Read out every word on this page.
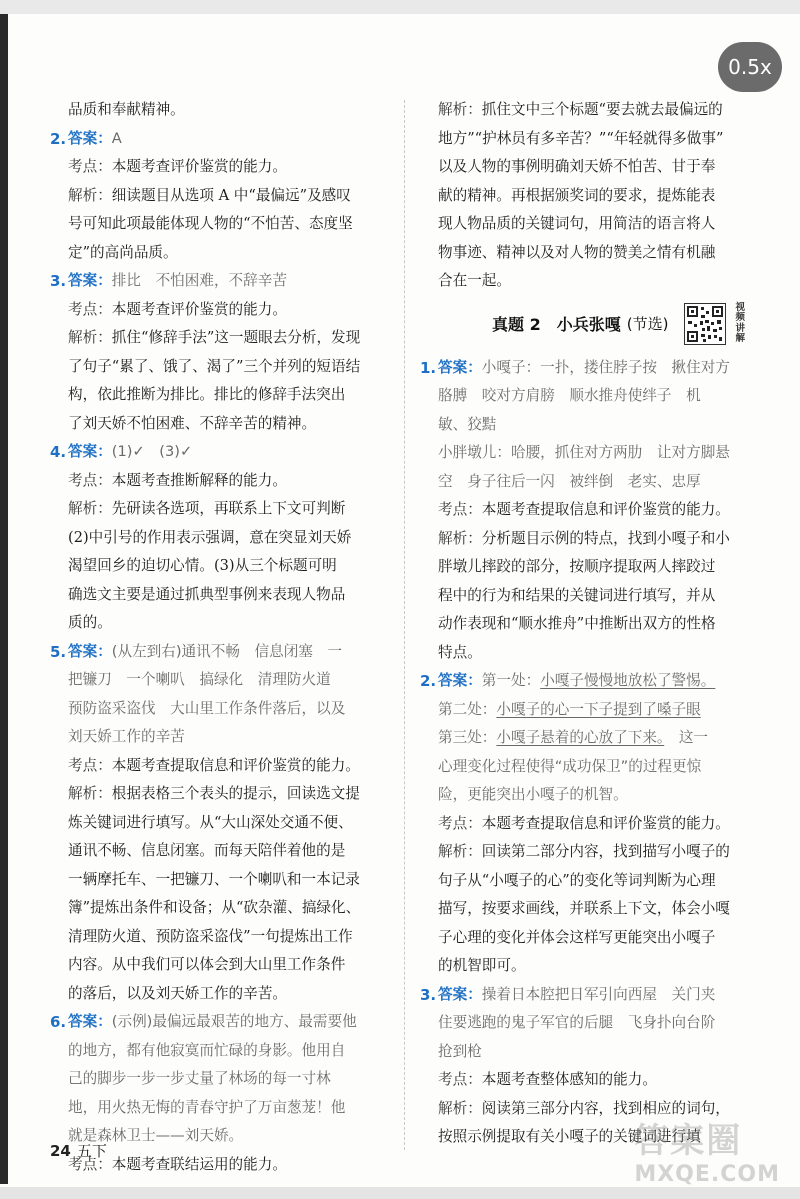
0.5x
品质和奉献精神。
2. 答案：A
考点：本题考查评价鉴赏的能力。
解析：细读题目从选项 A 中“最偏远”及感叹
号可知此项最能体现人物的“不怕苦、态度坚
定”的高尚品质。
3. 答案：排比　不怕困难，不辞辛苦
考点：本题考查评价鉴赏的能力。
解析：抓住“修辞手法”这一题眼去分析，发现
了句子“累了、饿了、渴了”三个并列的短语结
构，依此推断为排比。排比的修辞手法突出
了刘天娇不怕困难、不辞辛苦的精神。
4. 答案：(1)✓　(3)✓
考点：本题考查推断解释的能力。
解析：先研读各选项，再联系上下文可判断
(2)中引号的作用表示强调，意在突显刘天娇
渴望回乡的迫切心情。(3)从三个标题可明
确选文主要是通过抓典型事例来表现人物品
质的。
5. 答案：(从左到右)通讯不畅　信息闭塞　一
把镰刀　一个喇叭　搞绿化　清理防火道
预防盗采盗伐　大山里工作条件落后，以及
刘天娇工作的辛苦
考点：本题考查提取信息和评价鉴赏的能力。
解析：根据表格三个表头的提示，回读选文提
炼关键词进行填写。从“大山深处交通不便、
通讯不畅、信息闭塞。而每天陪伴着他的是
一辆摩托车、一把镰刀、一个喇叭和一本记录
簿”提炼出条件和设备；从“砍杂灌、搞绿化、
清理防火道、预防盗采盗伐”一句提炼出工作
内容。从中我们可以体会到大山里工作条件
的落后，以及刘天娇工作的辛苦。
6. 答案：(示例)最偏远最艰苦的地方、最需要他
的地方，都有他寂寞而忙碌的身影。他用自
己的脚步一步一步丈量了林场的每一寸林
地，用火热无悔的青春守护了万亩葱茏！他
就是森林卫士——刘天娇。
考点：本题考查联结运用的能力。
解析：抓住文中三个标题“要去就去最偏远的
地方”“护林员有多辛苦？”“年轻就得多做事”
以及人物的事例明确刘天娇不怕苦、甘于奉
献的精神。再根据颁奖词的要求，提炼能表
现人物品质的关键词句，用简洁的语言将人
物事迹、精神以及对人物的赞美之情有机融
合在一起。
真题 2　小兵张嘎 (节选)
视频讲解
1. 答案：小嘎子：一扑，搂住脖子按　揪住对方
胳膊　咬对方肩膀　顺水推舟使绊子　机
敏、狡黠
小胖墩儿：哈腰，抓住对方两肋　让对方脚悬
空　身子往后一闪　被绊倒　老实、忠厚
考点：本题考查提取信息和评价鉴赏的能力。
解析：分析题目示例的特点，找到小嘎子和小
胖墩儿摔跤的部分，按顺序提取两人摔跤过
程中的行为和结果的关键词进行填写，并从
动作表现和“顺水推舟”中推断出双方的性格
特点。
2. 答案：第一处：小嘎子慢慢地放松了警惕。
第二处：小嘎子的心一下子提到了嗓子眼
第三处：小嘎子悬着的心放了下来。　这一
心理变化过程使得“成功保卫”的过程更惊
险，更能突出小嘎子的机智。
考点：本题考查提取信息和评价鉴赏的能力。
解析：回读第二部分内容，找到描写小嘎子的
句子从“小嘎子的心”的变化等词判断为心理
描写，按要求画线，并联系上下文，体会小嘎
子心理的变化并体会这样写更能突出小嘎子
的机智即可。
3. 答案：操着日本腔把日军引向西屋　关门夹
住要逃跑的鬼子军官的后腿　飞身扑向台阶
抢到枪
考点：本题考查整体感知的能力。
解析：阅读第三部分内容，找到相应的词句，
按照示例提取有关小嘎子的关键词进行填
24 五下	答案圈
MXQE.COM
